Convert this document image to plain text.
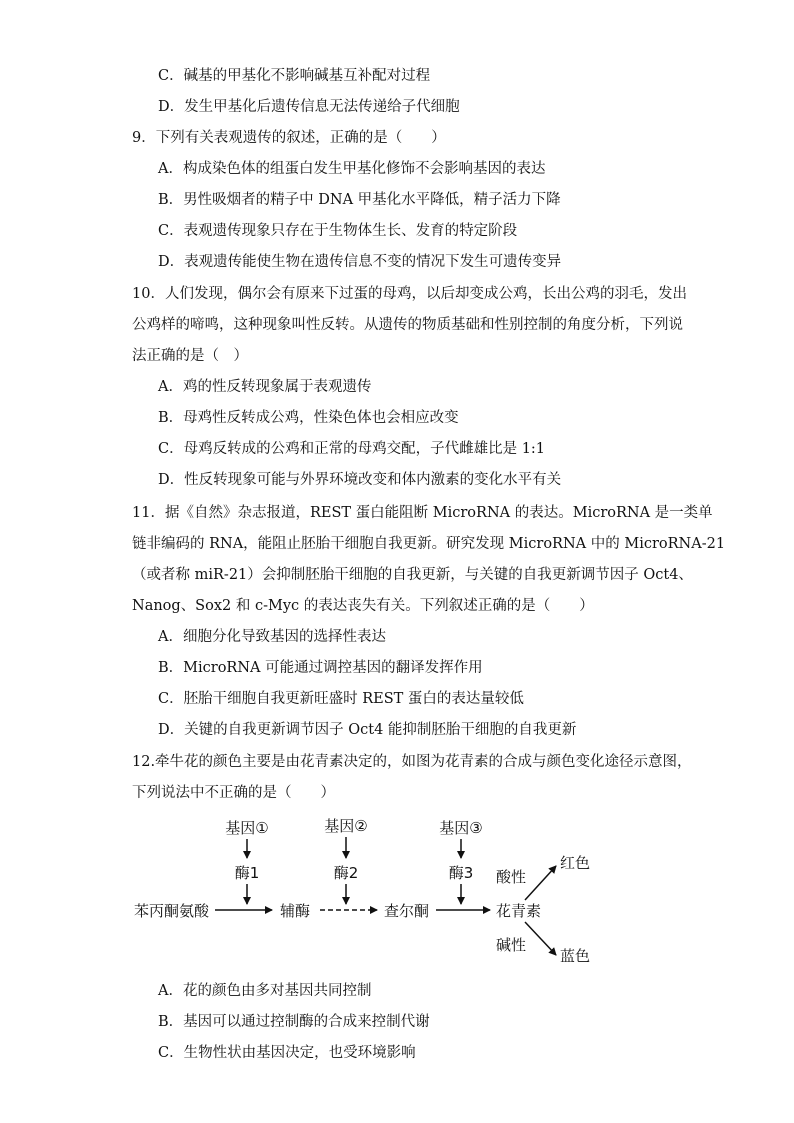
C．碱基的甲基化不影响碱基互补配对过程
D．发生甲基化后遗传信息无法传递给子代细胞
9．下列有关表观遗传的叙述，正确的是（　　）
A．构成染色体的组蛋白发生甲基化修饰不会影响基因的表达
B．男性吸烟者的精子中 DNA 甲基化水平降低，精子活力下降
C．表观遗传现象只存在于生物体生长、发育的特定阶段
D．表观遗传能使生物在遗传信息不变的情况下发生可遗传变异
10．人们发现，偶尔会有原来下过蛋的母鸡，以后却变成公鸡，长出公鸡的羽毛，发出
公鸡样的啼鸣，这种现象叫性反转。从遗传的物质基础和性别控制的角度分析，下列说
法正确的是（　）
A．鸡的性反转现象属于表观遗传
B．母鸡性反转成公鸡，性染色体也会相应改变
C．母鸡反转成的公鸡和正常的母鸡交配，子代雌雄比是 1:1
D．性反转现象可能与外界环境改变和体内激素的变化水平有关
11．据《自然》杂志报道，REST 蛋白能阻断 MicroRNA 的表达。MicroRNA 是一类单
链非编码的 RNA，能阻止胚胎干细胞自我更新。研究发现 MicroRNA 中的 MicroRNA-21
（或者称 miR-21）会抑制胚胎干细胞的自我更新，与关键的自我更新调节因子 Oct4、
Nanog、Sox2 和 c-Myc 的表达丧失有关。下列叙述正确的是（　　）
A．细胞分化导致基因的选择性表达
B．MicroRNA 可能通过调控基因的翻译发挥作用
C．胚胎干细胞自我更新旺盛时 REST 蛋白的表达量较低
D．关键的自我更新调节因子 Oct4 能抑制胚胎干细胞的自我更新
12.牵牛花的颜色主要是由花青素决定的，如图为花青素的合成与颜色变化途径示意图，
下列说法中不正确的是（　　）
基因①	基因②	基因③
酶1	酶2	酶3
苯丙酮氨酸	辅酶	查尔酮	花青素
酸性
红色
碱性
蓝色
A．花的颜色由多对基因共同控制
B．基因可以通过控制酶的合成来控制代谢
C．生物性状由基因决定，也受环境影响
